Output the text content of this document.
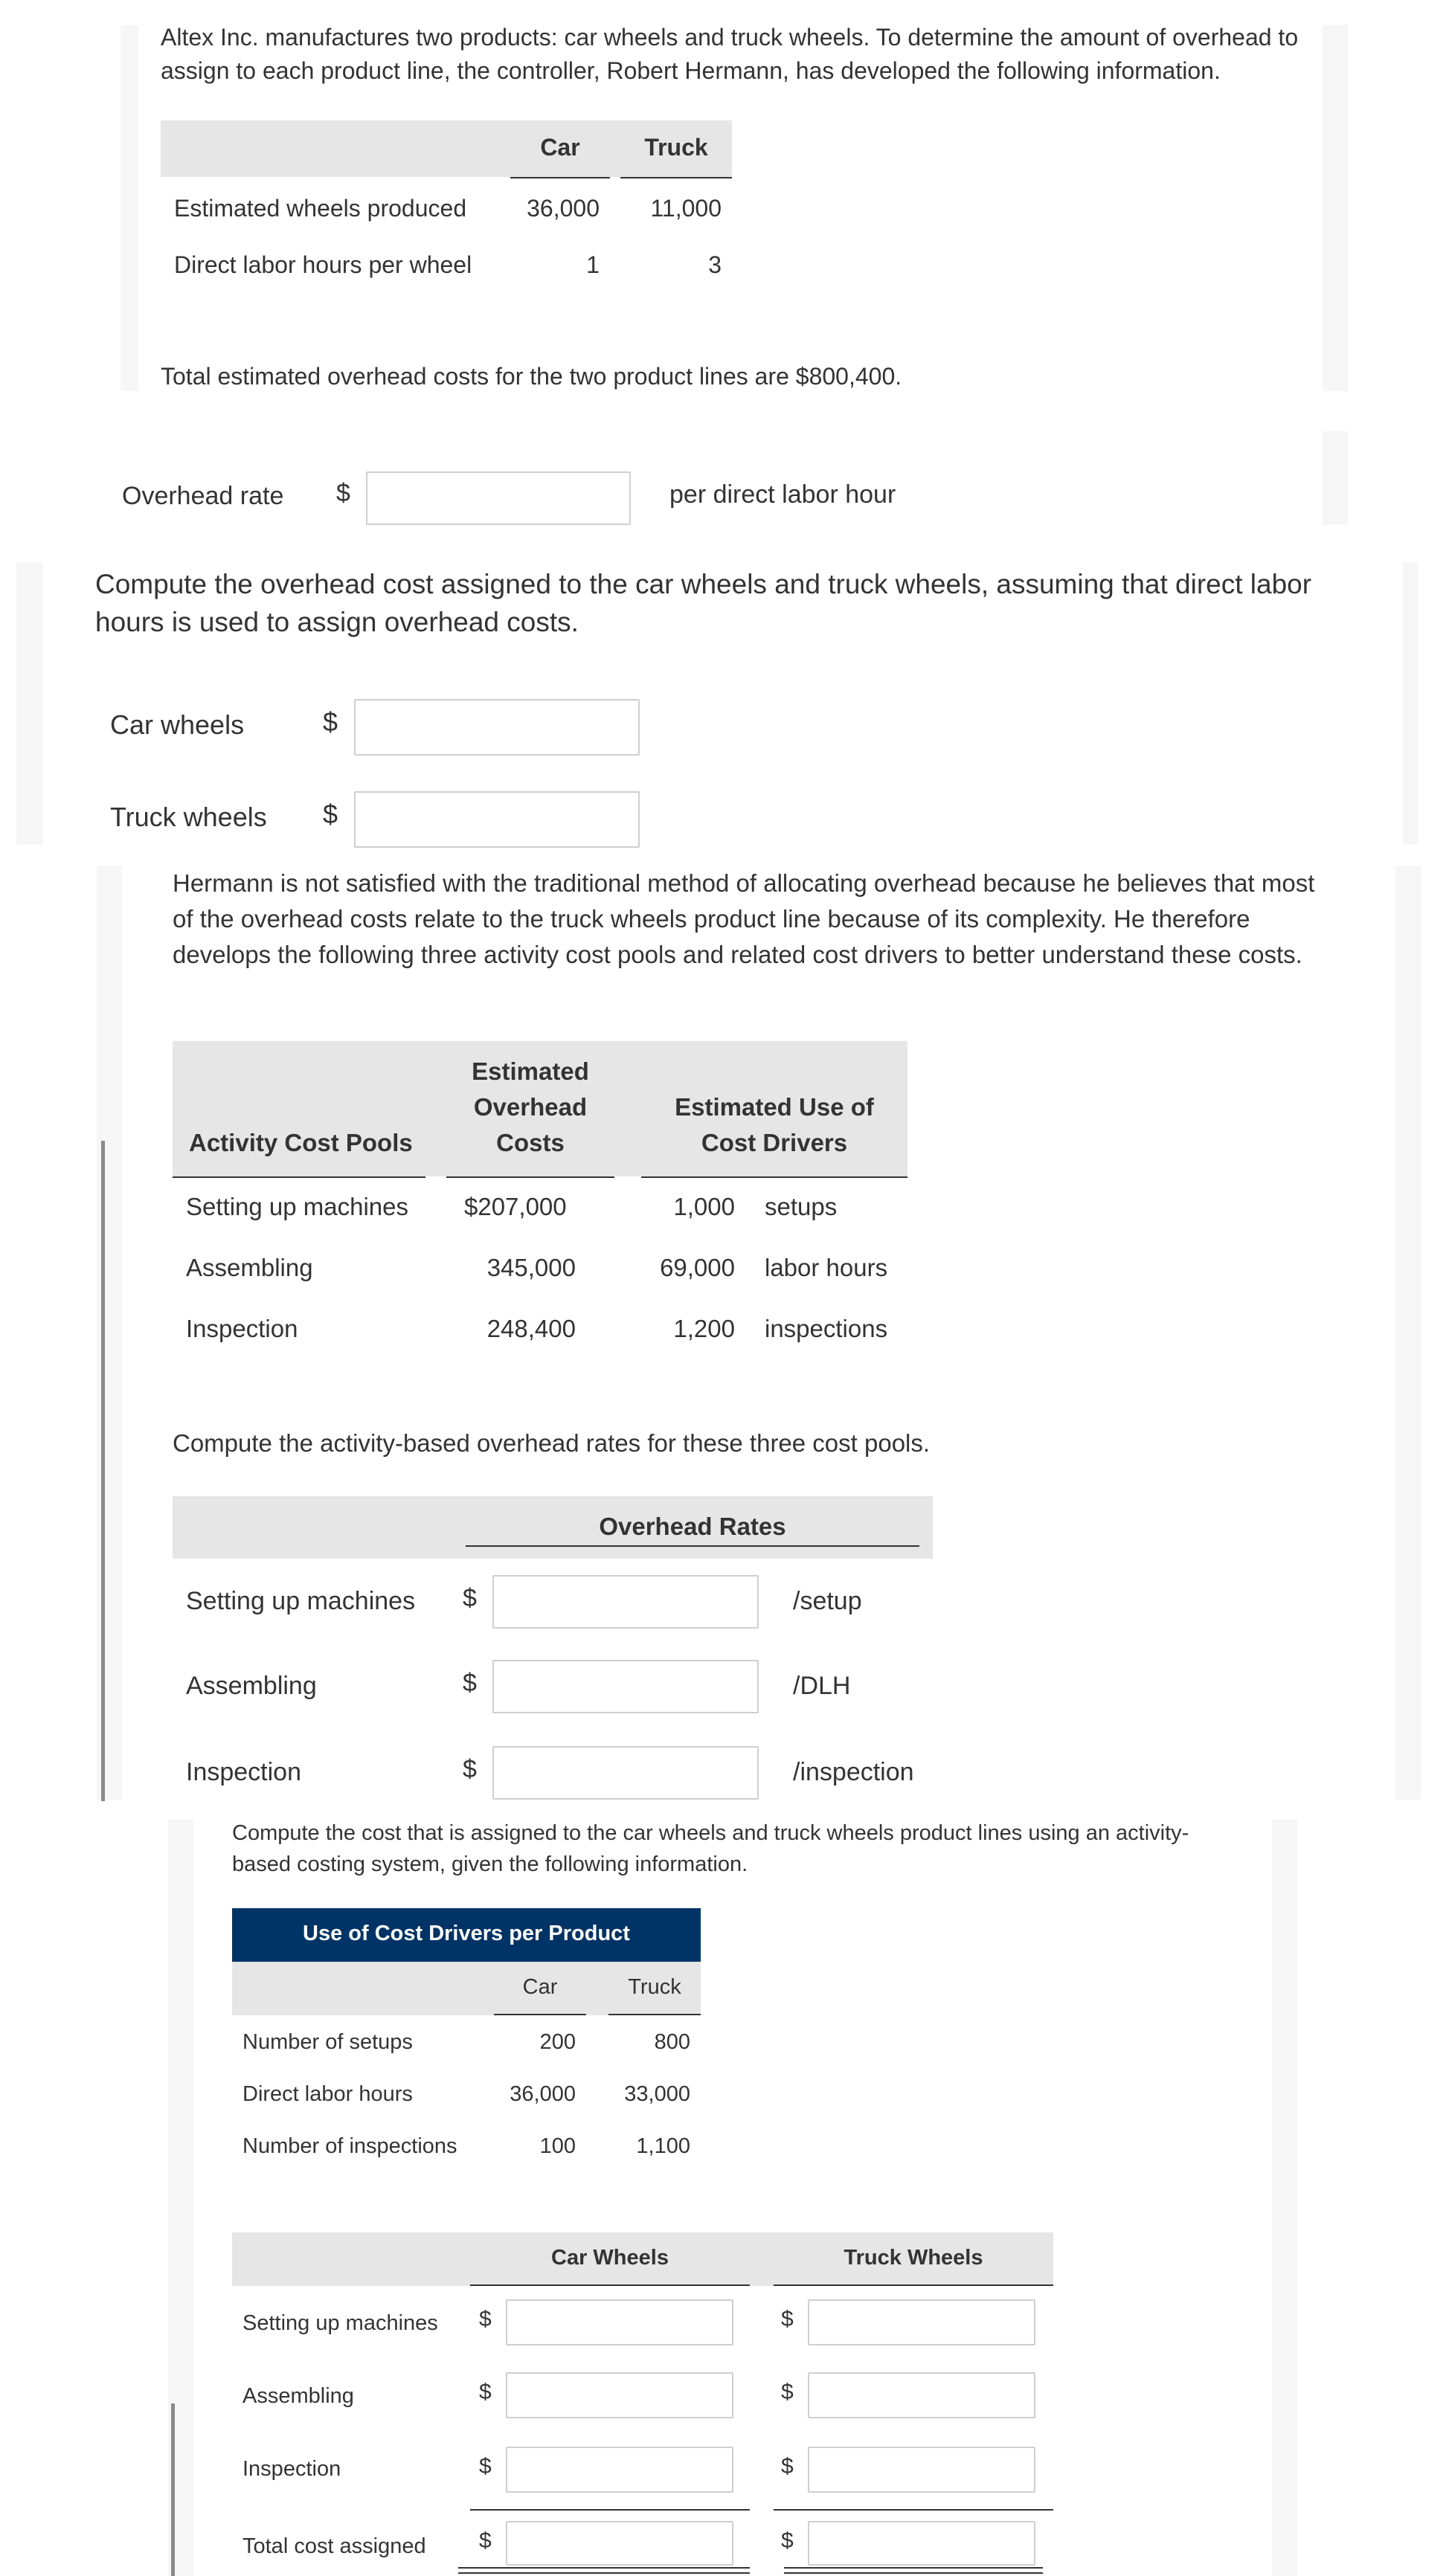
Altex Inc. manufactures two products: car wheels and truck wheels. To determine the amount of overhead to assign to each product line, the controller, Robert Hermann, has developed the following information.
Car	Truck
Estimated wheels produced	36,000	11,000
Direct labor hours per wheel	1	3
Total estimated overhead costs for the two product lines are $800,400.
Overhead rate $	per direct labor hour
Compute the overhead cost assigned to the car wheels and truck wheels, assuming that direct labor hours is used to assign overhead costs.
Car wheels	$
Truck wheels $
Hermann is not satisfied with the traditional method of allocating overhead because he believes that most of the overhead costs relate to the truck wheels product line because of its complexity. He therefore develops the following three activity cost pools and related cost drivers to better understand these costs.
Activity Cost Pools
Estimated
Overhead
Costs
Estimated Use of
Cost Drivers
Setting up machines $207,000	1,000 setups
Assembling	345,000	69,000 labor hours
Inspection	248,400	1,200 inspections
Compute the activity-based overhead rates for these three cost pools.
Overhead Rates
Setting up machines $	/setup
Assembling	$	/DLH
Inspection	$	/inspection
Compute the cost that is assigned to the car wheels and truck wheels product lines using an activity-based costing system, given the following information.
Use of Cost Drivers per Product
Car	Truck
Number of setups	200	800
Direct labor hours	36,000	33,000
Number of inspections	100	1,100
Car Wheels	Truck Wheels
Setting up machines $	$
Assembling	$	$
Inspection	$	$
Total cost assigned $	$
